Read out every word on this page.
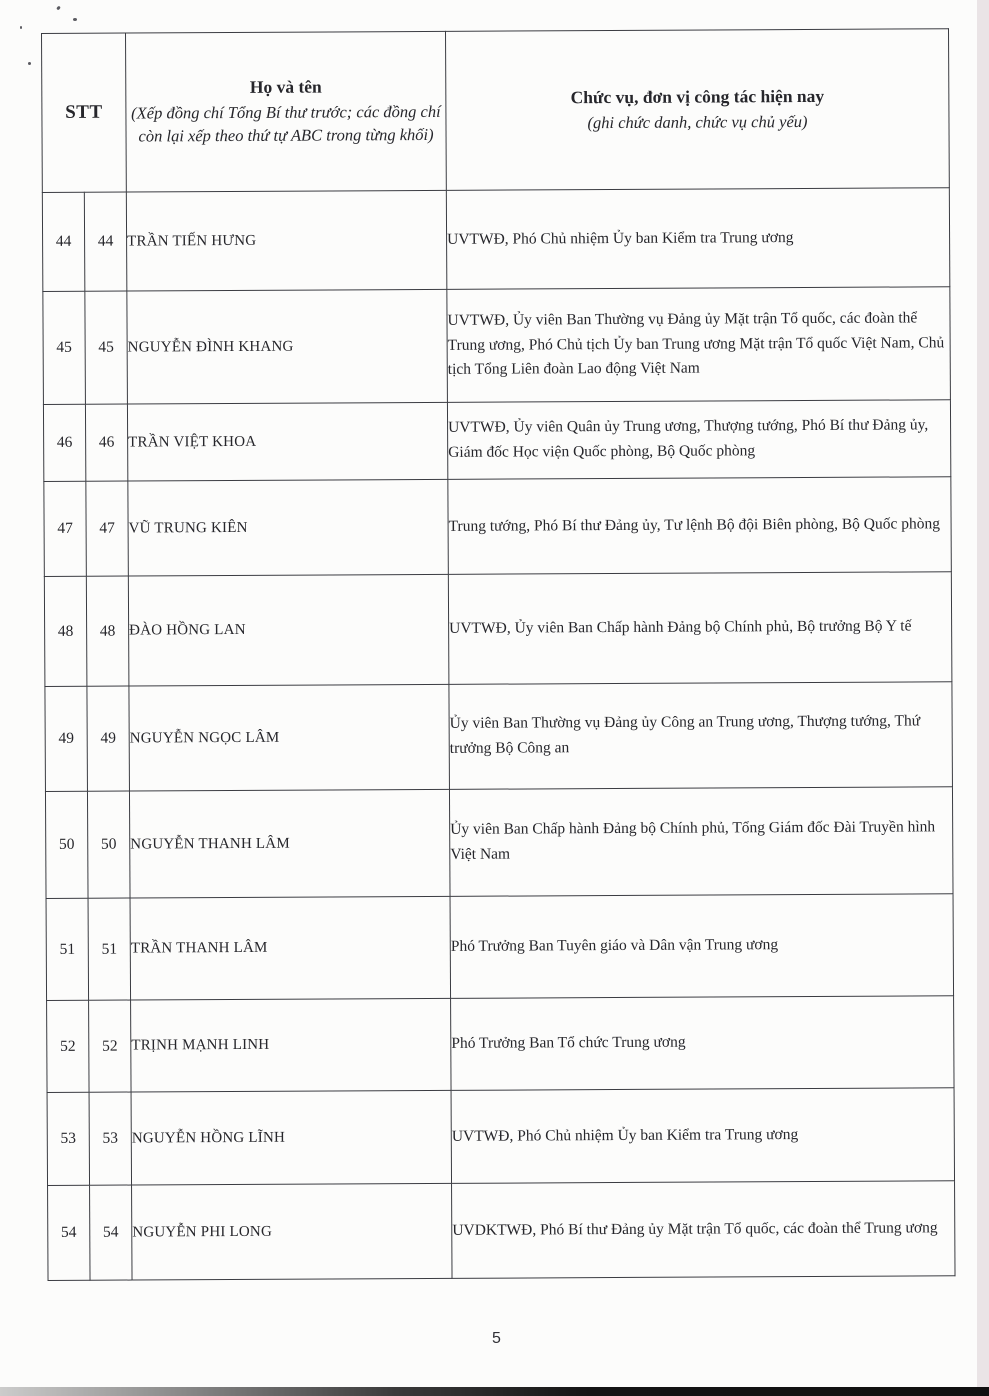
STT	
Họ và tên
(Xếp đồng chí Tổng Bí thư trước; các đồng chí còn lại xếp theo thứ tự ABC trong từng khối)

Chức vụ, đơn vị công tác hiện nay
(ghi chức danh, chức vụ chủ yếu)

44	44	TRẦN TIẾN HƯNG	UVTWĐ, Phó Chủ nhiệm Ủy ban Kiểm tra Trung ương
45	45	NGUYỄN ĐÌNH KHANG	UVTWĐ, Ủy viên Ban Thường vụ Đảng ủy Mặt trận Tổ quốc, các đoàn thể Trung ương, Phó Chủ tịch Ủy ban Trung ương Mặt trận Tổ quốc Việt Nam, Chủ tịch Tổng Liên đoàn Lao động Việt Nam
46	46	TRẦN VIỆT KHOA	UVTWĐ, Ủy viên Quân ủy Trung ương, Thượng tướng, Phó Bí thư Đảng ủy, Giám đốc Học viện Quốc phòng, Bộ Quốc phòng
47	47	VŨ TRUNG KIÊN	Trung tướng, Phó Bí thư Đảng ủy, Tư lệnh Bộ đội Biên phòng, Bộ Quốc phòng
48	48	ĐÀO HỒNG LAN	UVTWĐ, Ủy viên Ban Chấp hành Đảng bộ Chính phủ, Bộ trưởng Bộ Y tế
49	49	NGUYỄN NGỌC LÂM	Ủy viên Ban Thường vụ Đảng ủy Công an Trung ương, Thượng tướng, Thứ trưởng Bộ Công an
50	50	NGUYỄN THANH LÂM	Ủy viên Ban Chấp hành Đảng bộ Chính phủ, Tổng Giám đốc Đài Truyền hình Việt Nam
51	51	TRẦN THANH LÂM	Phó Trưởng Ban Tuyên giáo và Dân vận Trung ương
52	52	TRỊNH MẠNH LINH	Phó Trưởng Ban Tổ chức Trung ương
53	53	NGUYỄN HỒNG LĨNH	UVTWĐ, Phó Chủ nhiệm Ủy ban Kiểm tra Trung ương
54	54	NGUYỄN PHI LONG	UVDKTWĐ, Phó Bí thư Đảng ủy Mặt trận Tổ quốc, các đoàn thể Trung ương
5
